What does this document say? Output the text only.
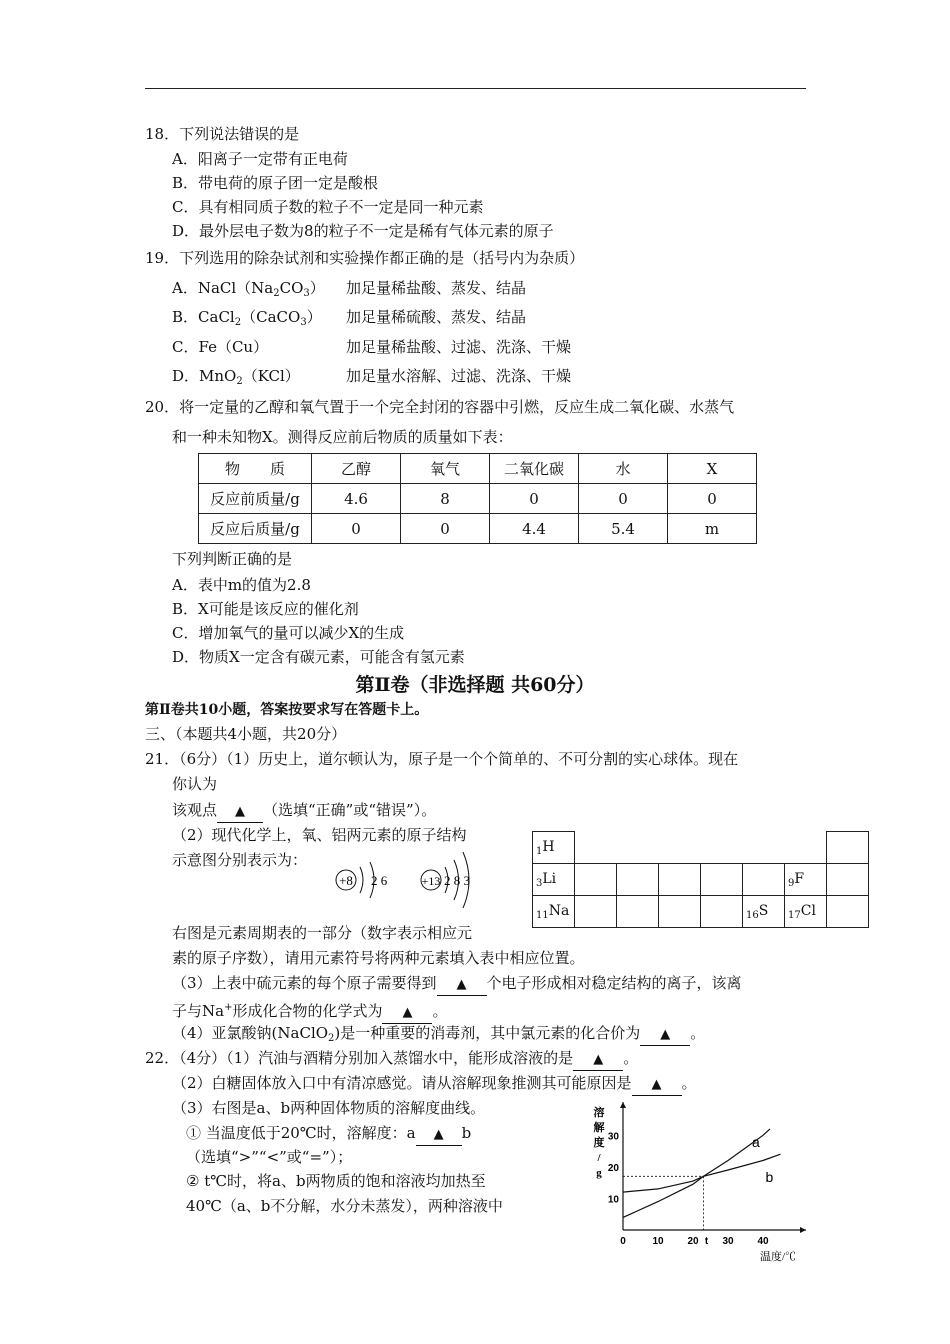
18．下列说法错误的是
A．阳离子一定带有正电荷
B．带电荷的原子团一定是酸根
C．具有相同质子数的粒子不一定是同一种元素
D．最外层电子数为8的粒子不一定是稀有气体元素的原子
19．下列选用的除杂试剂和实验操作都正确的是（括号内为杂质）
A．$NaCl(Na_2CO_3)$ 加足量稀盐酸、蒸发、结晶
B．CaCl$_2$（CaCO$_3$） 加足量稀硫酸、蒸发、结晶
C．Fe（Cu）	加足量稀盐酸、过滤、洗涤、干燥
D．MnO$_2$（KCl）	加足量水溶解、过滤、洗涤、干燥
20．将一定量的乙醇和氧气置于一个完全封闭的容器中引燃，反应生成二氧化碳、水蒸气
和一种未知物X。测得反应前后物质的质量如下表：
物　　质	乙醇	氧气	二氧化碳	水	X
反应前质量/g	4.6	8	0	0	0
反应后质量/g	0	0	4.4	5.4	m
下列判断正确的是
A．表中m的值为2.8
B．X可能是该反应的催化剂
C．增加氧气的量可以减少X的生成
D．物质X一定含有碳元素，可能含有氢元素
第Ⅱ卷（非选择题 共60分）
第Ⅱ卷共10小题，答案按要求写在答题卡上。
三、（本题共4小题，共20分）
21．（6分）（1）历史上，道尔顿认为，原子是一个个简单的、不可分割的实心球体。现在
你认为
该观点 ▲ （选填“正确”或“错误”）。
（2）现代化学上，氧、铝两元素的原子结构
示意图分别表示为：
+8 2 6	+13 2 8 3
$_1$H							
$_3$Li						$_9$F	
$_{11}$Na					$_{16}$S	$_{17}$Cl	
右图是元素周期表的一部分（数字表示相应元
素的原子序数），请用元素符号将两种元素填入表中相应位置。
（3）上表中硫元素的每个原子需要得到 ▲ 个电子形成相对稳定结构的离子，该离
子与Na+形成化合物的化学式为 ▲ 。
（4）亚氯酸钠(NaClO$_2$)是一种重要的消毒剂，其中氯元素的化合价为 ▲ 。
22．（4分）（1）汽油与酒精分别加入蒸馏水中，能形成溶液的是 ▲ 。
（2）白糖固体放入口中有清凉感觉。请从溶解现象推测其可能原因是 ▲ 。
（3）右图是a、b两种固体物质的溶解度曲线。
① 当温度低于20℃时，溶解度：a ▲ b
（选填“>”“<”或“=”）；
② t℃时，将a、b两物质的饱和溶液均加热至
40℃（a、b不分解，水分未蒸发），两种溶液中
溶
解
度
/
g
0	10 20 t 30 40
10
20
30	a
b
温度/℃
